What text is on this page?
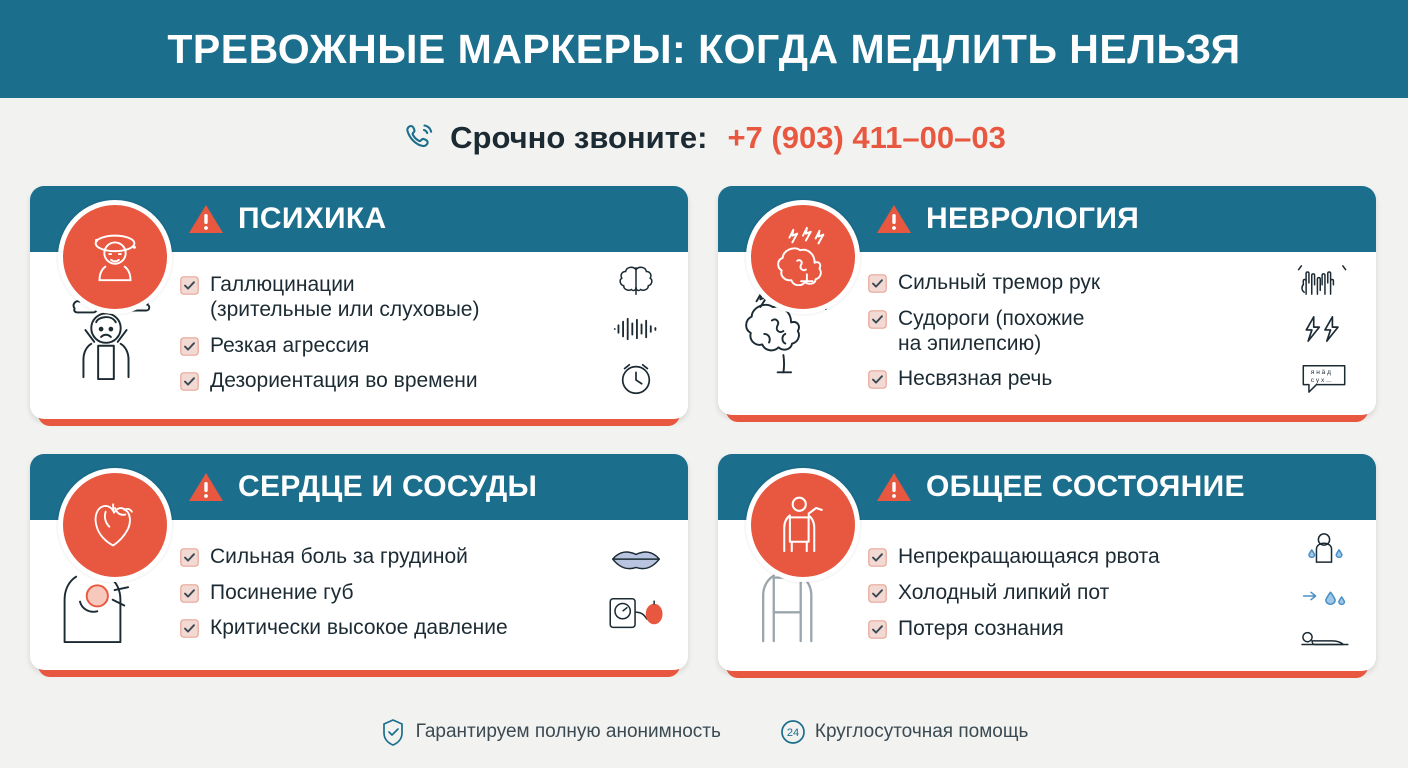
ТРЕВОЖНЫЕ МАРКЕРЫ: КОГДА МЕДЛИТЬ НЕЛЬЗЯ
Срочно звоните: +7 (903) 411–00–03
ПСИХИКА
Галлюцинации
(зрительные или слуховые)
Резкая агрессия
Дезориентация во времени
НЕВРОЛОГИЯ
Сильный тремор рук
Судороги (похожие
на эпилепсию)
Несвязная речь	я н ä д
с у х ...
СЕРДЦЕ И СОСУДЫ
Сильная боль за грудиной
Посинение губ
Критически высокое давление
ОБЩЕЕ СОСТОЯНИЕ
Непрекращающаяся рвота
Холодный липкий пот
Потеря сознания
Гарантируем полную анонимность	24 Круглосуточная помощь
